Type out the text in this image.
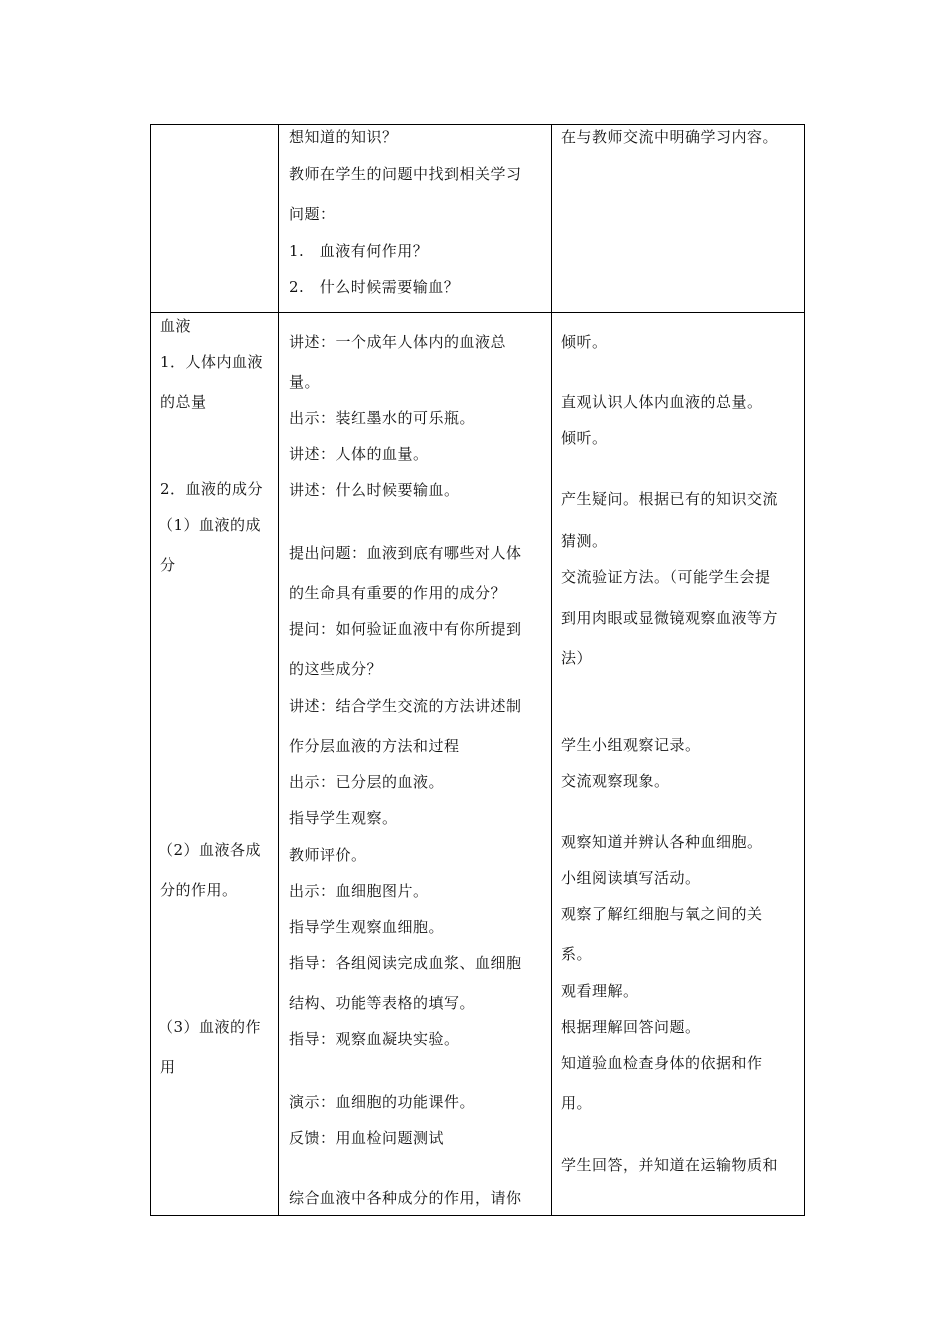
想知道的知识？
教师在学生的问题中找到相关学习
问题：
1.　血液有何作用？
2.　什么时候需要输血？
在与教师交流中明确学习内容。
血液
1．人体内血液
的总量
2．血液的成分
（1）血液的成
分
（2）血液各成
分的作用。
（3）血液的作
用
讲述：一个成年人体内的血液总
量。
出示：装红墨水的可乐瓶。
讲述：人体的血量。
讲述：什么时候要输血。
提出问题：血液到底有哪些对人体
的生命具有重要的作用的成分？
提问：如何验证血液中有你所提到
的这些成分？
讲述：结合学生交流的方法讲述制
作分层血液的方法和过程
出示：已分层的血液。
指导学生观察。
教师评价。
出示：血细胞图片。
指导学生观察血细胞。
指导：各组阅读完成血浆、血细胞
结构、功能等表格的填写。
指导：观察血凝块实验。
演示：血细胞的功能课件。
反馈：用血检问题测试
综合血液中各种成分的作用，请你
倾听。
直观认识人体内血液的总量。
倾听。
产生疑问。根据已有的知识交流
猜测。
交流验证方法。（可能学生会提
到用肉眼或显微镜观察血液等方
法）
学生小组观察记录。
交流观察现象。
观察知道并辨认各种血细胞。
小组阅读填写活动。
观察了解红细胞与氧之间的关
系。
观看理解。
根据理解回答问题。
知道验血检查身体的依据和作
用。
学生回答，并知道在运输物质和
